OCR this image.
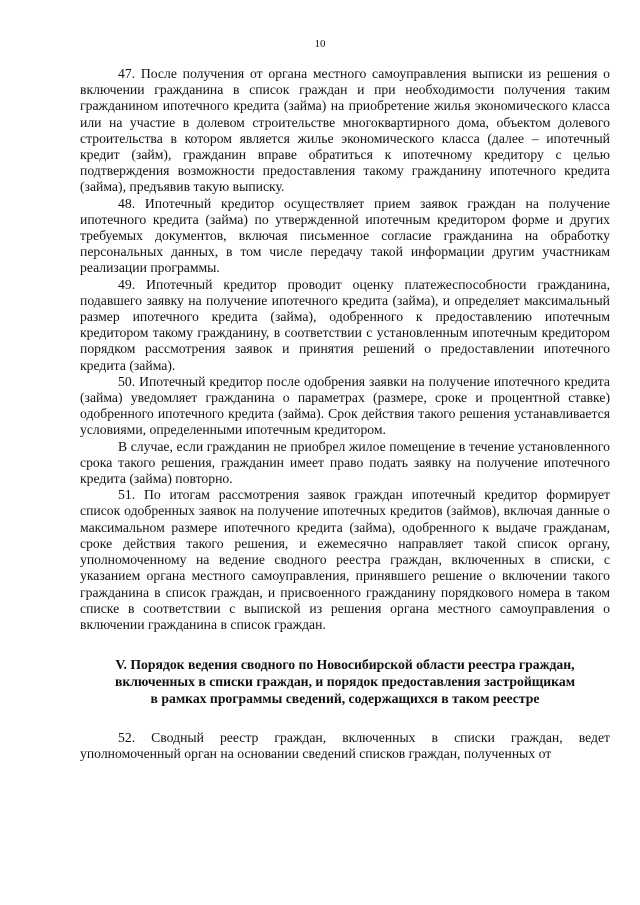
10

47. После получения от органа местного самоуправления выписки из решения о включении гражданина в список граждан и при необходимости получения таким гражданином ипотечного кредита (займа) на приобретение жилья экономического класса или на участие в долевом строительстве многоквартирного дома, объектом долевого строительства в котором является жилье экономического класса (далее – ипотечный кредит (займ), гражданин вправе обратиться к ипотечному кредитору с целью подтверждения возможности предоставления такому гражданину ипотечного кредита (займа), предъявив такую выписку.

48. Ипотечный кредитор осуществляет прием заявок граждан на получение ипотечного кредита (займа) по утвержденной ипотечным кредитором форме и других требуемых документов, включая письменное согласие гражданина на обработку персональных данных, в том числе передачу такой информации другим участникам реализации программы.

49. Ипотечный кредитор проводит оценку платежеспособности гражданина, подавшего заявку на получение ипотечного кредита (займа), и определяет максимальный размер ипотечного кредита (займа), одобренного к предоставлению ипотечным кредитором такому гражданину, в соответствии с установленным ипотечным кредитором порядком рассмотрения заявок и принятия решений о предоставлении ипотечного кредита (займа).

50. Ипотечный кредитор после одобрения заявки на получение ипотечного кредита (займа) уведомляет гражданина о параметрах (размере, сроке и процентной ставке) одобренного ипотечного кредита (займа). Срок действия такого решения устанавливается условиями, определенными ипотечным кредитором.

В случае, если гражданин не приобрел жилое помещение в течение установленного срока такого решения, гражданин имеет право подать заявку на получение ипотечного кредита (займа) повторно.

51. По итогам рассмотрения заявок граждан ипотечный кредитор формирует список одобренных заявок на получение ипотечных кредитов (займов), включая данные о максимальном размере ипотечного кредита (займа), одобренного к выдаче гражданам, сроке действия такого решения, и ежемесячно направляет такой список органу, уполномоченному на ведение сводного реестра граждан, включенных в списки, с указанием органа местного самоуправления, принявшего решение о включении такого гражданина в список граждан, и присвоенного гражданину порядкового номера в таком списке в соответствии с выпиской из решения органа местного самоуправления о включении гражданина в список граждан.

V. Порядок ведения сводного по Новосибирской области реестра граждан,
включенных в списки граждан, и порядок предоставления застройщикам
в рамках программы сведений, содержащихся в таком реестре

52. Сводный реестр граждан, включенных в списки граждан, ведет уполномоченный орган на основании сведений списков граждан, полученных от
